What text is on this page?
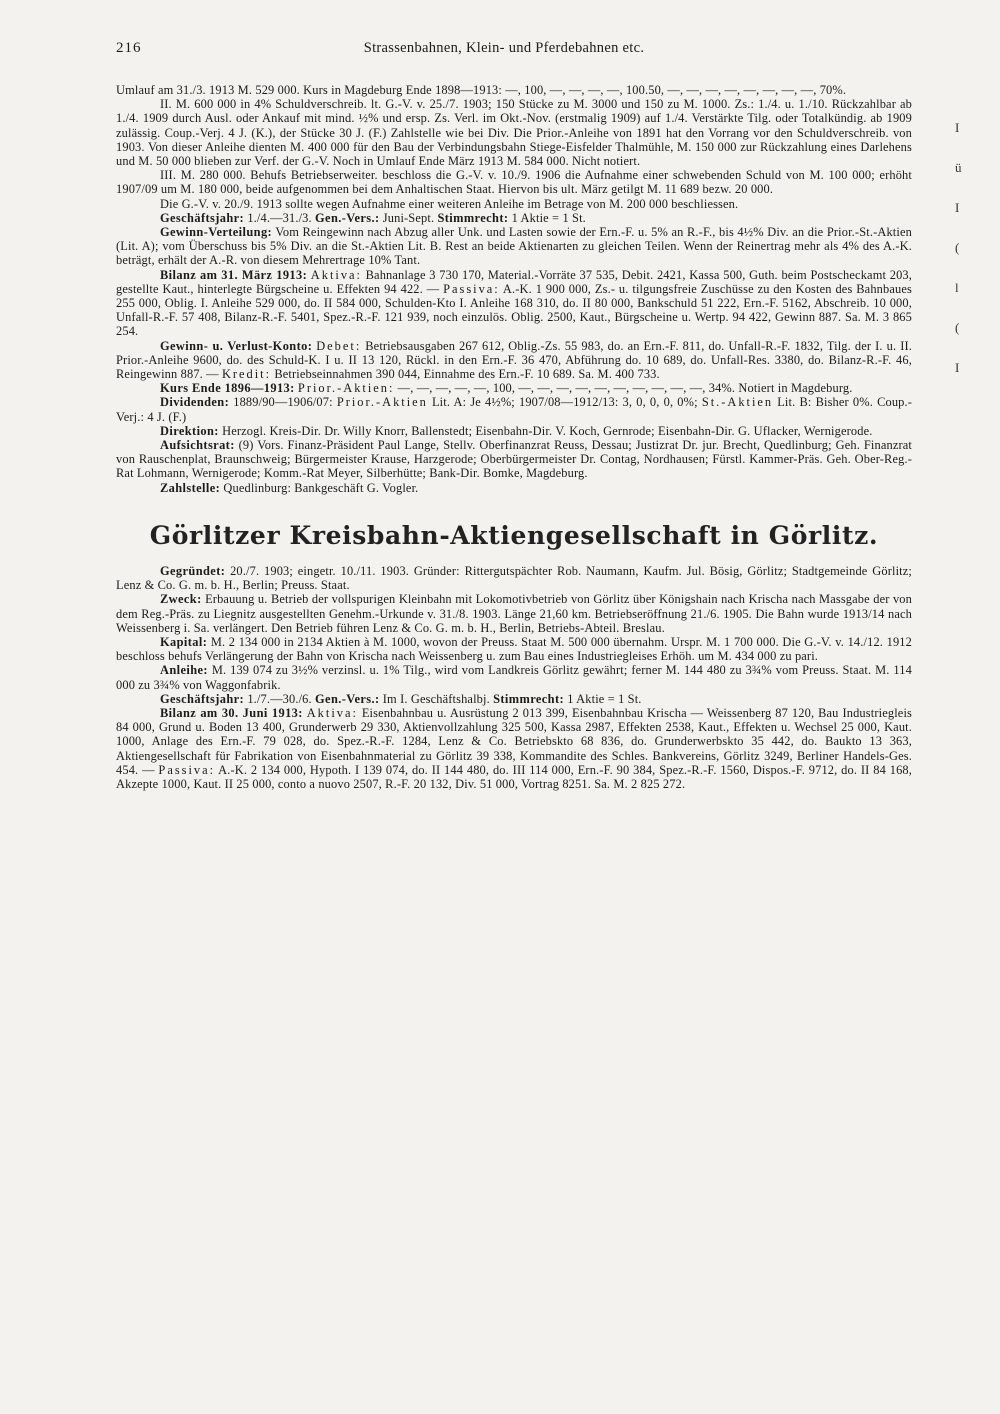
216	Strassenbahnen, Klein- und Pferdebahnen etc.

Umlauf am 31./3. 1913 M. 529 000. Kurs in Magdeburg Ende 1898—1913: —, 100, —, —, —, —, 100.50, —, —, —, —, —, —, —, —, 70%.

II. M. 600 000 in 4% Schuldverschreib. lt. G.-V. v. 25./7. 1903; 150 Stücke zu M. 3000 und 150 zu M. 1000. Zs.: 1./4. u. 1./10. Rückzahlbar ab 1./4. 1909 durch Ausl. oder Ankauf mit mind. ½% und ersp. Zs. Verl. im Okt.-Nov. (erstmalig 1909) auf 1./4. Verstärkte Tilg. oder Totalkündig. ab 1909 zulässig. Coup.-Verj. 4 J. (K.), der Stücke 30 J. (F.) Zahlstelle wie bei Div. Die Prior.-Anleihe von 1891 hat den Vorrang vor den Schuldverschreib. von 1903. Von dieser Anleihe dienten M. 400 000 für den Bau der Verbindungsbahn Stiege-Eisfelder Thalmühle, M. 150 000 zur Rückzahlung eines Darlehens und M. 50 000 blieben zur Verf. der G.-V. Noch in Umlauf Ende März 1913 M. 584 000. Nicht notiert.

III. M. 280 000. Behufs Betriebserweiter. beschloss die G.-V. v. 10./9. 1906 die Aufnahme einer schwebenden Schuld von M. 100 000; erhöht 1907/09 um M. 180 000, beide aufgenommen bei dem Anhaltischen Staat. Hiervon bis ult. März getilgt M. 11 689 bezw. 20 000.

Die G.-V. v. 20./9. 1913 sollte wegen Aufnahme einer weiteren Anleihe im Betrage von M. 200 000 beschliessen.

Geschäftsjahr: 1./4.—31./3. Gen.-Vers.: Juni-Sept. Stimmrecht: 1 Aktie = 1 St.

Gewinn-Verteilung: Vom Reingewinn nach Abzug aller Unk. und Lasten sowie der Ern.-F. u. 5% an R.-F., bis 4½% Div. an die Prior.-St.-Aktien (Lit. A); vom Überschuss bis 5% Div. an die St.-Aktien Lit. B. Rest an beide Aktienarten zu gleichen Teilen. Wenn der Reinertrag mehr als 4% des A.-K. beträgt, erhält der A.-R. von diesem Mehrertrage 10% Tant.

Bilanz am 31. März 1913: Aktiva: Bahnanlage 3 730 170, Material.-Vorräte 37 535, Debit. 2421, Kassa 500, Guth. beim Postscheckamt 203, gestellte Kaut., hinterlegte Bürgscheine u. Effekten 94 422. — Passiva: A.-K. 1 900 000, Zs.- u. tilgungsfreie Zuschüsse zu den Kosten des Bahnbaues 255 000, Oblig. I. Anleihe 529 000, do. II 584 000, Schulden-Kto I. Anleihe 168 310, do. II 80 000, Bankschuld 51 222, Ern.-F. 5162, Abschreib. 10 000, Unfall-R.-F. 57 408, Bilanz-R.-F. 5401, Spez.-R.-F. 121 939, noch einzulös. Oblig. 2500, Kaut., Bürgscheine u. Wertp. 94 422, Gewinn 887. Sa. M. 3 865 254.

Gewinn- u. Verlust-Konto: Debet: Betriebsausgaben 267 612, Oblig.-Zs. 55 983, do. an Ern.-F. 811, do. Unfall-R.-F. 1832, Tilg. der I. u. II. Prior.-Anleihe 9600, do. des Schuld-K. I u. II 13 120, Rückl. in den Ern.-F. 36 470, Abführung do. 10 689, do. Unfall-Res. 3380, do. Bilanz-R.-F. 46, Reingewinn 887. — Kredit: Betriebseinnahmen 390 044, Einnahme des Ern.-F. 10 689. Sa. M. 400 733.

Kurs Ende 1896—1913: Prior.-Aktien: —, —, —, —, —, 100, —, —, —, —, —, —, —, —, —, —, 34%. Notiert in Magdeburg.

Dividenden: 1889/90—1906/07: Prior.-Aktien Lit. A: Je 4½%; 1907/08—1912/13: 3, 0, 0, 0, 0%; St.-Aktien Lit. B: Bisher 0%. Coup.-Verj.: 4 J. (F.)

Direktion: Herzogl. Kreis-Dir. Dr. Willy Knorr, Ballenstedt; Eisenbahn-Dir. V. Koch, Gernrode; Eisenbahn-Dir. G. Uflacker, Wernigerode.

Aufsichtsrat: (9) Vors. Finanz-Präsident Paul Lange, Stellv. Oberfinanzrat Reuss, Dessau; Justizrat Dr. jur. Brecht, Quedlinburg; Geh. Finanzrat von Rauschenplat, Braunschweig; Bürgermeister Krause, Harzgerode; Oberbürgermeister Dr. Contag, Nordhausen; Fürstl. Kammer-Präs. Geh. Ober-Reg.-Rat Lohmann, Wernigerode; Komm.-Rat Meyer, Silberhütte; Bank-Dir. Bomke, Magdeburg.

Zahlstelle: Quedlinburg: Bankgeschäft G. Vogler.

Görlitzer Kreisbahn-Aktiengesellschaft in Görlitz.

Gegründet: 20./7. 1903; eingetr. 10./11. 1903. Gründer: Rittergutspächter Rob. Naumann, Kaufm. Jul. Bösig, Görlitz; Stadtgemeinde Görlitz; Lenz & Co. G. m. b. H., Berlin; Preuss. Staat.

Zweck: Erbauung u. Betrieb der vollspurigen Kleinbahn mit Lokomotivbetrieb von Görlitz über Königshain nach Krischa nach Massgabe der von dem Reg.-Präs. zu Liegnitz ausgestellten Genehm.-Urkunde v. 31./8. 1903. Länge 21,60 km. Betriebseröffnung 21./6. 1905. Die Bahn wurde 1913/14 nach Weissenberg i. Sa. verlängert. Den Betrieb führen Lenz & Co. G. m. b. H., Berlin, Betriebs-Abteil. Breslau.

Kapital: M. 2 134 000 in 2134 Aktien à M. 1000, wovon der Preuss. Staat M. 500 000 übernahm. Urspr. M. 1 700 000. Die G.-V. v. 14./12. 1912 beschloss behufs Verlängerung der Bahn von Krischa nach Weissenberg u. zum Bau eines Industriegleises Erhöh. um M. 434 000 zu pari.

Anleihe: M. 139 074 zu 3½% verzinsl. u. 1% Tilg., wird vom Landkreis Görlitz gewährt; ferner M. 144 480 zu 3¾% vom Preuss. Staat. M. 114 000 zu 3¾% von Waggonfabrik.

Geschäftsjahr: 1./7.—30./6. Gen.-Vers.: Im I. Geschäftshalbj. Stimmrecht: 1 Aktie = 1 St.

Bilanz am 30. Juni 1913: Aktiva: Eisenbahnbau u. Ausrüstung 2 013 399, Eisenbahnbau Krischa — Weissenberg 87 120, Bau Industriegleis 84 000, Grund u. Boden 13 400, Grunderwerb 29 330, Aktienvollzahlung 325 500, Kassa 2987, Effekten 2538, Kaut., Effekten u. Wechsel 25 000, Kaut. 1000, Anlage des Ern.-F. 79 028, do. Spez.-R.-F. 1284, Lenz & Co. Betriebskto 68 836, do. Grunderwerbskto 35 442, do. Baukto 13 363, Aktiengesellschaft für Fabrikation von Eisenbahnmaterial zu Görlitz 39 338, Kommandite des Schles. Bankvereins, Görlitz 3249, Berliner Handels-Ges. 454. — Passiva: A.-K. 2 134 000, Hypoth. I 139 074, do. II 144 480, do. III 114 000, Ern.-F. 90 384, Spez.-R.-F. 1560, Dispos.-F. 9712, do. II 84 168, Akzepte 1000, Kaut. II 25 000, conto a nuovo 2507, R.-F. 20 132, Div. 51 000, Vortrag 8251. Sa. M. 2 825 272.

I
ü
I
(
l
(
I
